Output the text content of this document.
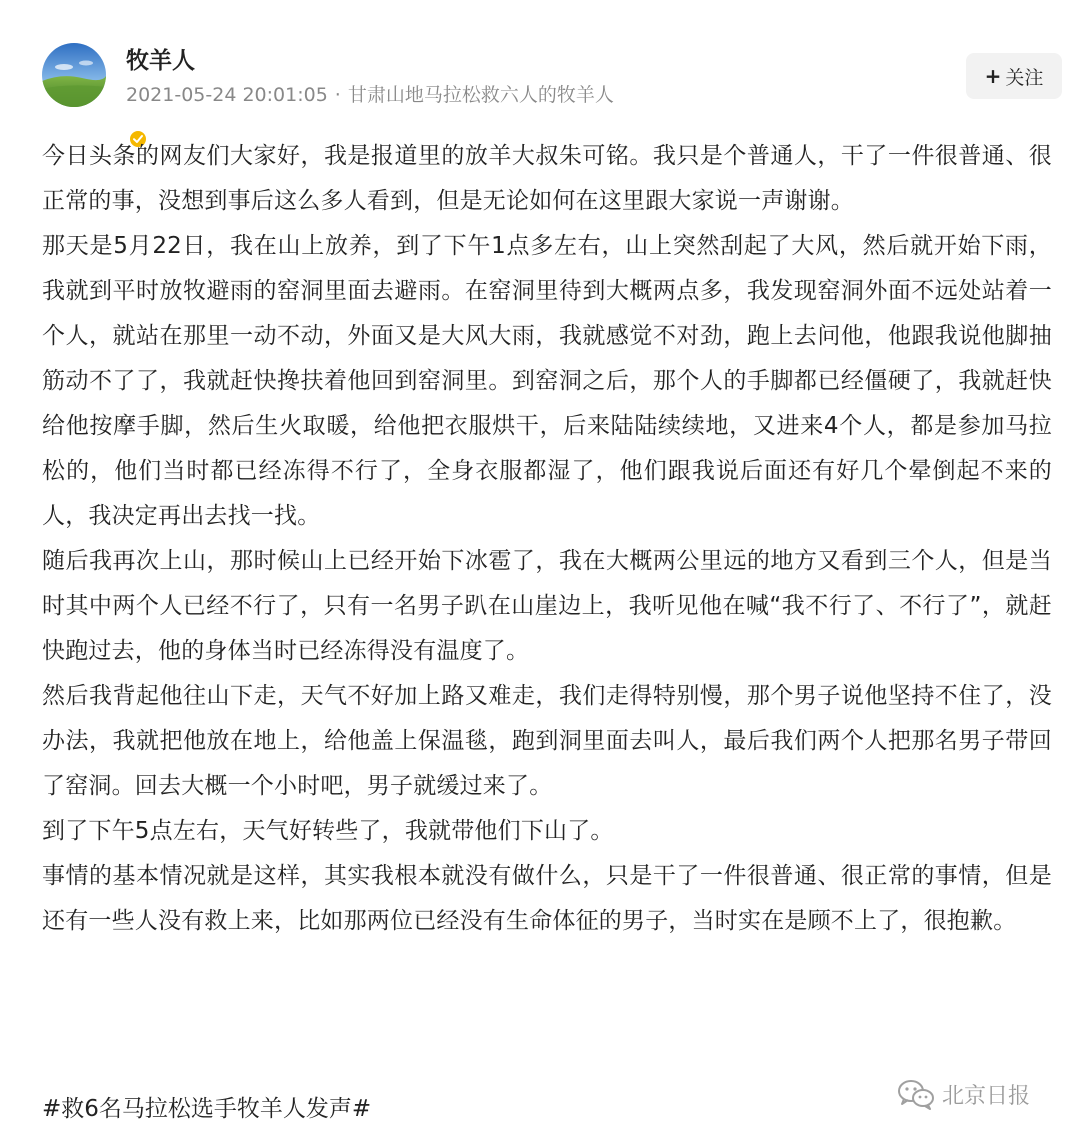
牧羊人
2021-05-24 20:01:05 · 甘肃山地马拉松救六人的牧羊人
+ 关注

今日头条的网友们大家好，我是报道里的放羊大叔朱可铭。我只是个普通人，干了一件很普通、很正常的事，没想到事后这么多人看到，但是无论如何在这里跟大家说一声谢谢。

那天是5月22日，我在山上放养，到了下午1点多左右，山上突然刮起了大风，然后就开始下雨，我就到平时放牧避雨的窑洞里面去避雨。在窑洞里待到大概两点多，我发现窑洞外面不远处站着一个人，就站在那里一动不动，外面又是大风大雨，我就感觉不对劲，跑上去问他，他跟我说他脚抽筋动不了了，我就赶快搀扶着他回到窑洞里。到窑洞之后，那个人的手脚都已经僵硬了，我就赶快给他按摩手脚，然后生火取暖，给他把衣服烘干，后来陆陆续续地，又进来4个人，都是参加马拉松的，他们当时都已经冻得不行了，全身衣服都湿了，他们跟我说后面还有好几个晕倒起不来的人，我决定再出去找一找。

随后我再次上山，那时候山上已经开始下冰雹了，我在大概两公里远的地方又看到三个人，但是当时其中两个人已经不行了，只有一名男子趴在山崖边上，我听见他在喊“我不行了、不行了”，就赶快跑过去，他的身体当时已经冻得没有温度了。

然后我背起他往山下走，天气不好加上路又难走，我们走得特别慢，那个男子说他坚持不住了，没办法，我就把他放在地上，给他盖上保温毯，跑到洞里面去叫人，最后我们两个人把那名男子带回了窑洞。回去大概一个小时吧，男子就缓过来了。

到了下午5点左右，天气好转些了，我就带他们下山了。

事情的基本情况就是这样，其实我根本就没有做什么，只是干了一件很普通、很正常的事情，但是还有一些人没有救上来，比如那两位已经没有生命体征的男子，当时实在是顾不上了，很抱歉。

#救6名马拉松选手牧羊人发声#	北京日报
